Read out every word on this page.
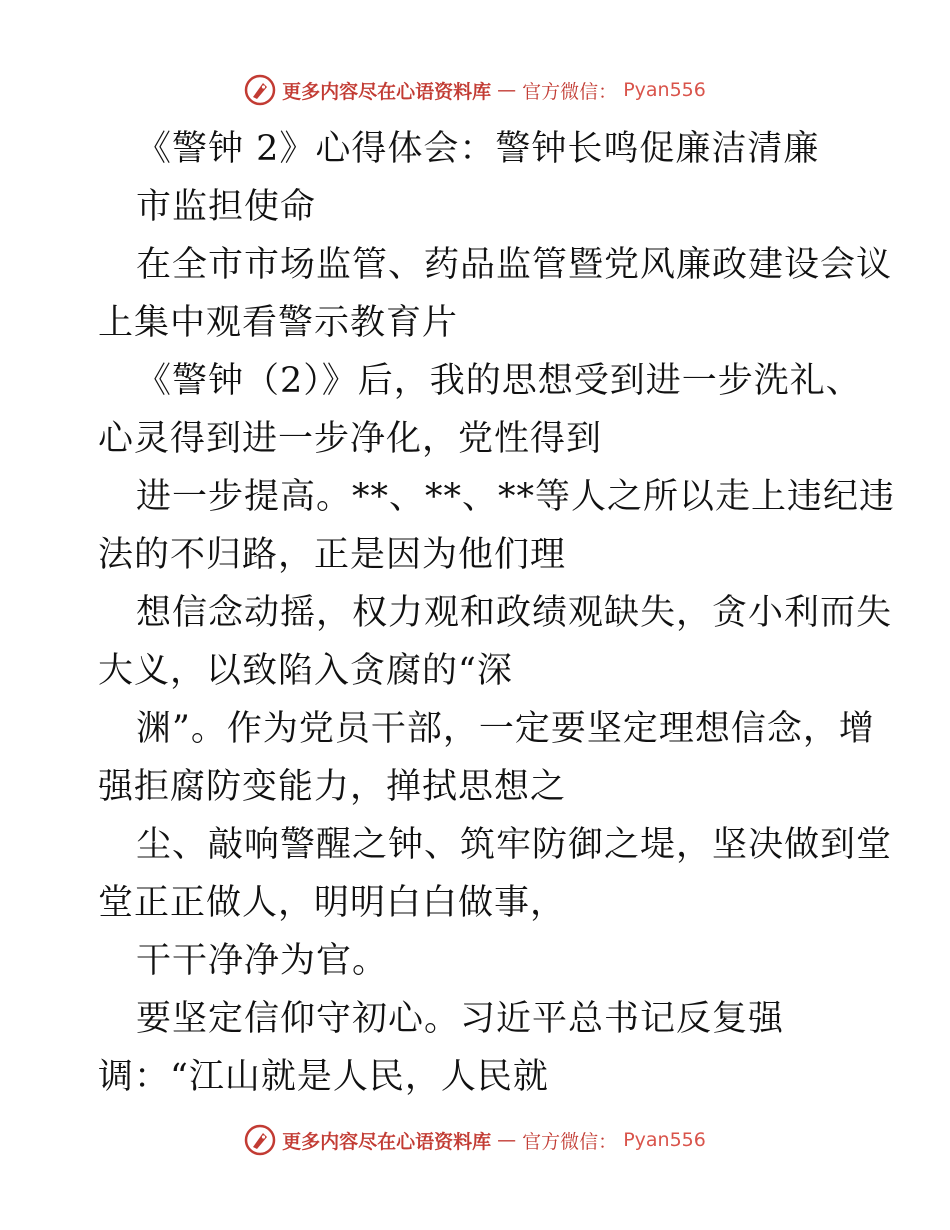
更多内容尽在心语资料库 — 官方微信： Pyan556
《警钟 2》心得体会：警钟长鸣促廉洁清廉
市监担使命
在全市市场监管、药品监管暨党风廉政建设会议
上集中观看警示教育片
《警钟（2）》后，我的思想受到进一步洗礼、
心灵得到进一步净化，党性得到
进一步提高。**、**、**等人之所以走上违纪违
法的不归路，正是因为他们理
想信念动摇，权力观和政绩观缺失，贪小利而失
大义，以致陷入贪腐的“深
渊”。作为党员干部，一定要坚定理想信念，增
强拒腐防变能力，掸拭思想之
尘、敲响警醒之钟、筑牢防御之堤，坚决做到堂
堂正正做人，明明白白做事，
干干净净为官。
要坚定信仰守初心。习近平总书记反复强
调：“江山就是人民，人民就
更多内容尽在心语资料库 — 官方微信： Pyan556
